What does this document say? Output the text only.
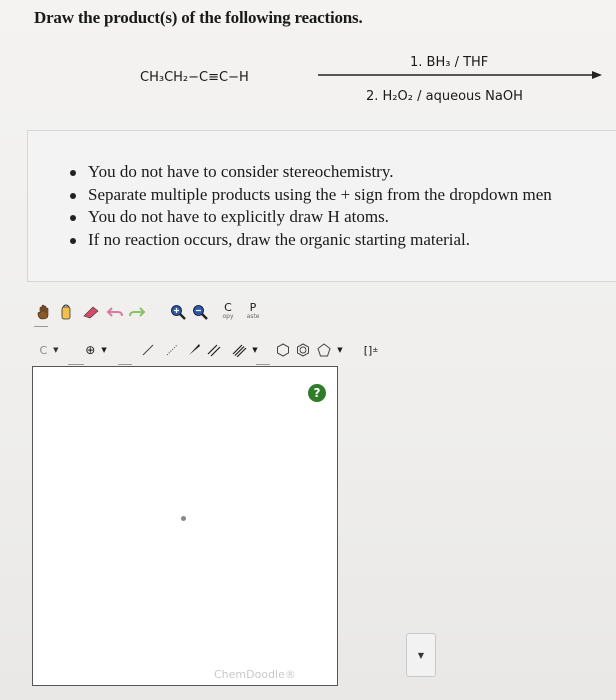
Draw the product(s) of the following reactions.
CH₃CH₂−C≡C−H
1. BH₃ / THF
2. H₂O₂ / aqueous NaOH
You do not have to consider stereochemistry.
Separate multiple products using the + sign from the dropdown men
You do not have to explicitly draw H atoms.
If no reaction occurs, draw the organic starting material.
C
opy
P
aste
C ▼ ⊕ ▼	▼	▼ [] ±
?
ChemDoodle®
▼
